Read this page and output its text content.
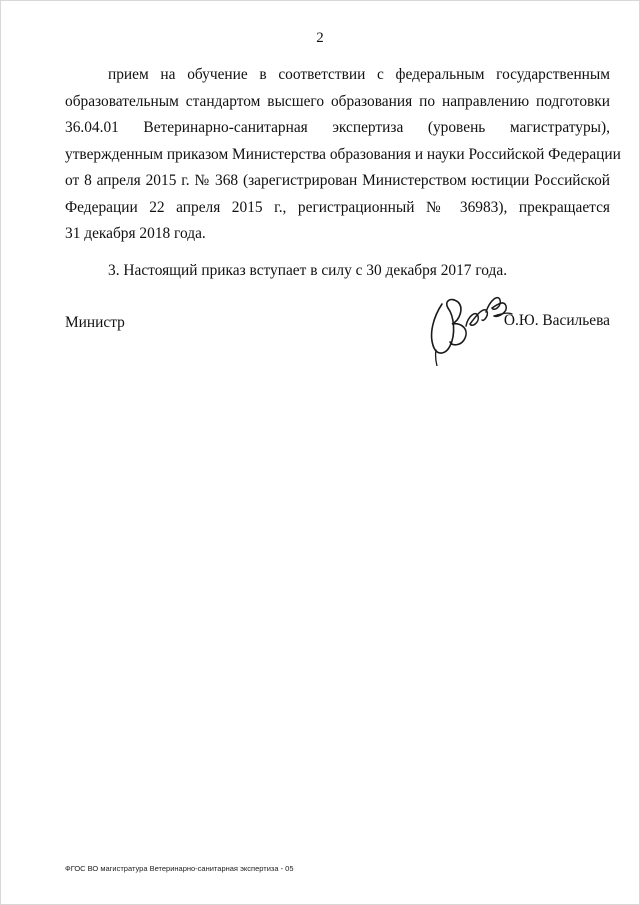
2

прием на обучение в соответствии с федеральным государственным
образовательным стандартом высшего образования по направлению подготовки
36.04.01 Ветеринарно-санитарная экспертиза (уровень магистратуры),
утвержденным приказом Министерства образования и науки Российской Федерации
от 8 апреля 2015 г. № 368 (зарегистрирован Министерством юстиции Российской
Федерации 22 апреля 2015 г., регистрационный № 36983), прекращается
31 декабря 2018 года.

3. Настоящий приказ вступает в силу с 30 декабря 2017 года.

Министр	О.Ю. Васильева
ФГОС ВО магистратура Ветеринарно-санитарная экспертиза - 05
